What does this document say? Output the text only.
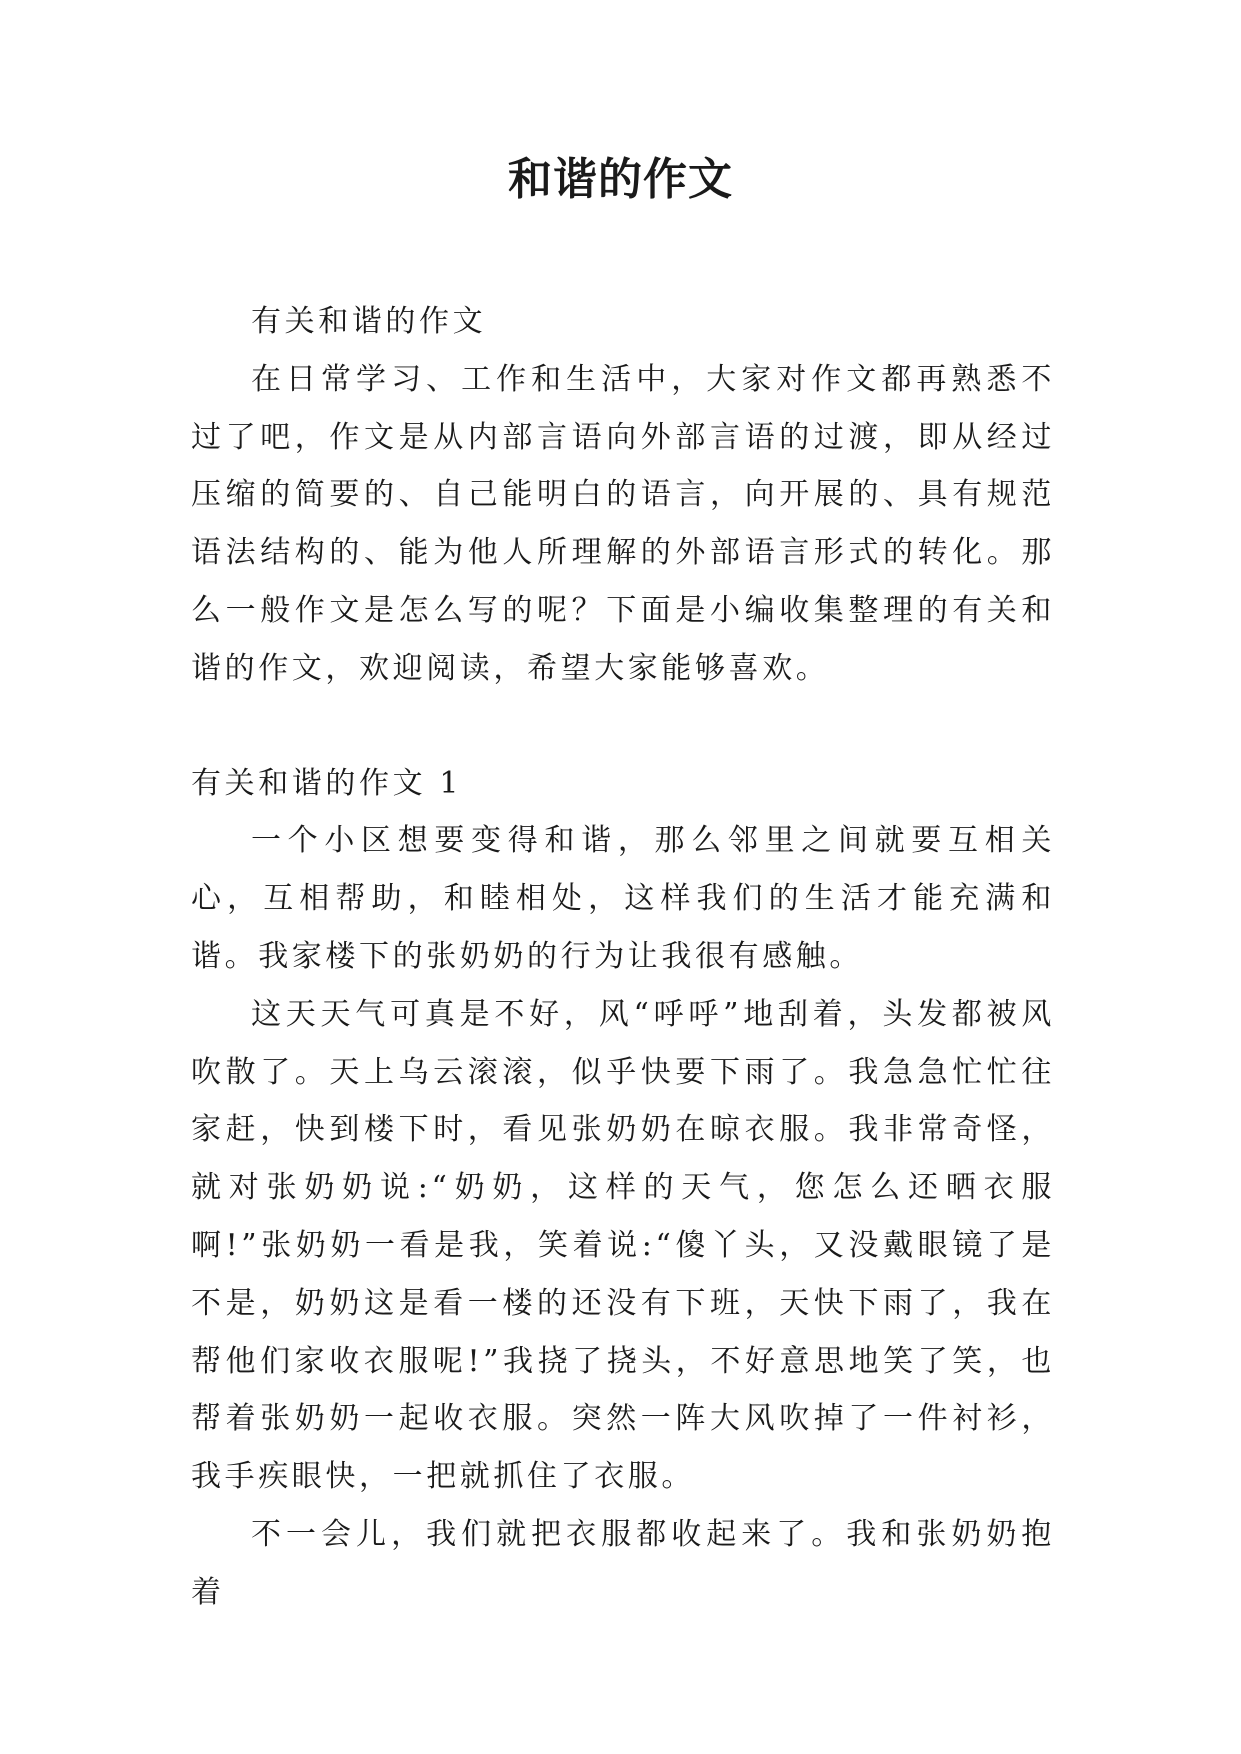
和谐的作文

有关和谐的作文

在日常学习、工作和生活中，大家对作文都再熟悉不过了吧，作文是从内部言语向外部言语的过渡，即从经过压缩的简要的、自己能明白的语言，向开展的、具有规范语法结构的、能为他人所理解的外部语言形式的转化。那么一般作文是怎么写的呢？下面是小编收集整理的有关和谐的作文，欢迎阅读，希望大家能够喜欢。

有关和谐的作文 1

一个小区想要变得和谐，那么邻里之间就要互相关心，互相帮助，和睦相处，这样我们的生活才能充满和谐。我家楼下的张奶奶的行为让我很有感触。

这天天气可真是不好，风“呼呼”地刮着，头发都被风吹散了。天上乌云滚滚，似乎快要下雨了。我急急忙忙往家赶，快到楼下时，看见张奶奶在晾衣服。我非常奇怪，就对张奶奶说:“奶奶，这样的天气，您怎么还晒衣服啊!”张奶奶一看是我，笑着说:“傻丫头，又没戴眼镜了是不是，奶奶这是看一楼的还没有下班，天快下雨了，我在帮他们家收衣服呢!”我挠了挠头，不好意思地笑了笑，也帮着张奶奶一起收衣服。突然一阵大风吹掉了一件衬衫，我手疾眼快，一把就抓住了衣服。

不一会儿，我们就把衣服都收起来了。我和张奶奶抱着
